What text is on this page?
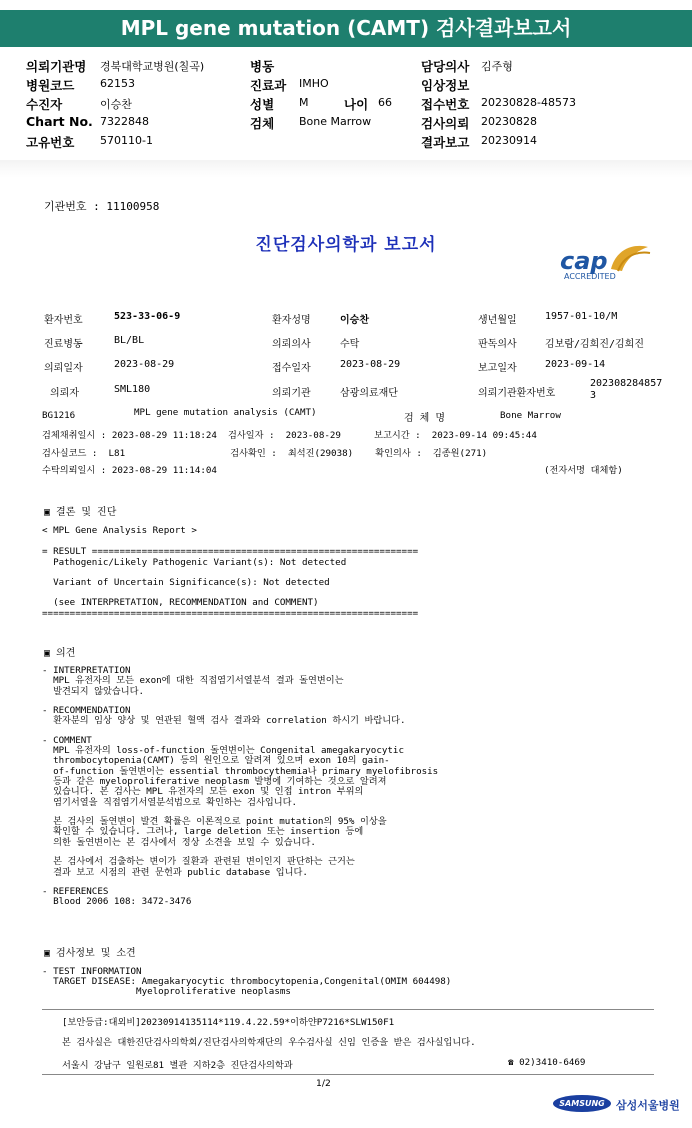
MPL gene mutation (CAMT) 검사결과보고서
의뢰기관명 경북대학교병원(칠곡)
병원코드 62153
수진자	이승찬
Chart No. 7322848
고유번호 570110-1
병동
진료과 IMHO
성별 M	나이 66
검체 Bone Marrow
담당의사 김주형
임상정보
접수번호 20230828-48573
검사의뢰 20230828
결과보고 20230914
기관번호 : 11100958
진단검사의학과 보고서
cap
ACCREDITED
환자번호	523-33-06-9	환자성명	이승찬	생년월일	1957-01-10/M
진료병동	BL/BL	의뢰의사	수탁	판독의사	김보람/김희진/김희진
의뢰일자	2023-08-29	접수일자	2023-08-29	보고일자	2023-09-14
의뢰자	SML180	의뢰기관	삼광의료재단	의뢰기관환자번호
202308284857
3
BG1216	MPL gene mutation analysis (CAMT)
검 체 명	Bone Marrow
검체채취일시 : 2023-08-29 11:18:24  검사일자 :  2023-08-29      보고시간 :  2023-09-14 09:45:44
검사실코드 :  L81                   검사확인 :  최석진(29038)    확인의사 :  김종원(271)
수탁의뢰일시 : 2023-08-29 11:14:04	(전자서명 대체함)
▣ 결론 및 진단
< MPL Gene Analysis Report >
= RESULT ===========================================================
Pathogenic/Likely Pathogenic Variant(s): Not detected
Variant of Uncertain Significance(s): Not detected
(see INTERPRETATION, RECOMMENDATION and COMMENT)
====================================================================
▣ 의견
- INTERPRETATION
MPL 유전자의 모든 exon에 대한 직접염기서열분석 결과 돌연변이는
발견되지 않았습니다.
- RECOMMENDATION
환자분의 임상 양상 및 연관된 혈액 검사 결과와 correlation 하시기 바랍니다.
- COMMENT
MPL 유전자의 loss-of-function 돌연변이는 Congenital amegakaryocytic
thrombocytopenia(CAMT) 등의 원인으로 알려져 있으며 exon 10의 gain-
of-function 돌연변이는 essential thrombocythemia나 primary myelofibrosis
등과 같은 myeloproliferative neoplasm 발병에 기여하는 것으로 알려져
있습니다. 본 검사는 MPL 유전자의 모든 exon 및 인접 intron 부위의
염기서열을 직접염기서열분석법으로 확인하는 검사입니다.
본 검사의 돌연변이 발견 확률은 이론적으로 point mutation의 95% 이상을
확인할 수 있습니다. 그러나, large deletion 또는 insertion 등에
의한 돌연변이는 본 검사에서 정상 소견을 보일 수 있습니다.
본 검사에서 검출하는 변이가 질환과 관련된 변이인지 판단하는 근거는
결과 보고 시점의 관련 문헌과 public database 입니다.
- REFERENCES
Blood 2006 108: 3472-3476
▣ 검사정보 및 소견
- TEST INFORMATION
TARGET DISEASE: Amegakaryocytic thrombocytopenia,Congenital(OMIM 604498)
Myeloproliferative neoplasms
[보안등급:대외비]20230914135114*119.4.22.59*이하얀P7216*SLW150F1
본 검사실은 대한진단검사의학회/진단검사의학재단의 우수검사실 신임 인증을 받은 검사실입니다.
서울시 강남구 일원로81 별관 지하2층 진단검사의학과	☎ 02)3410-6469
1/2
SAMSUNG	삼성서울병원
